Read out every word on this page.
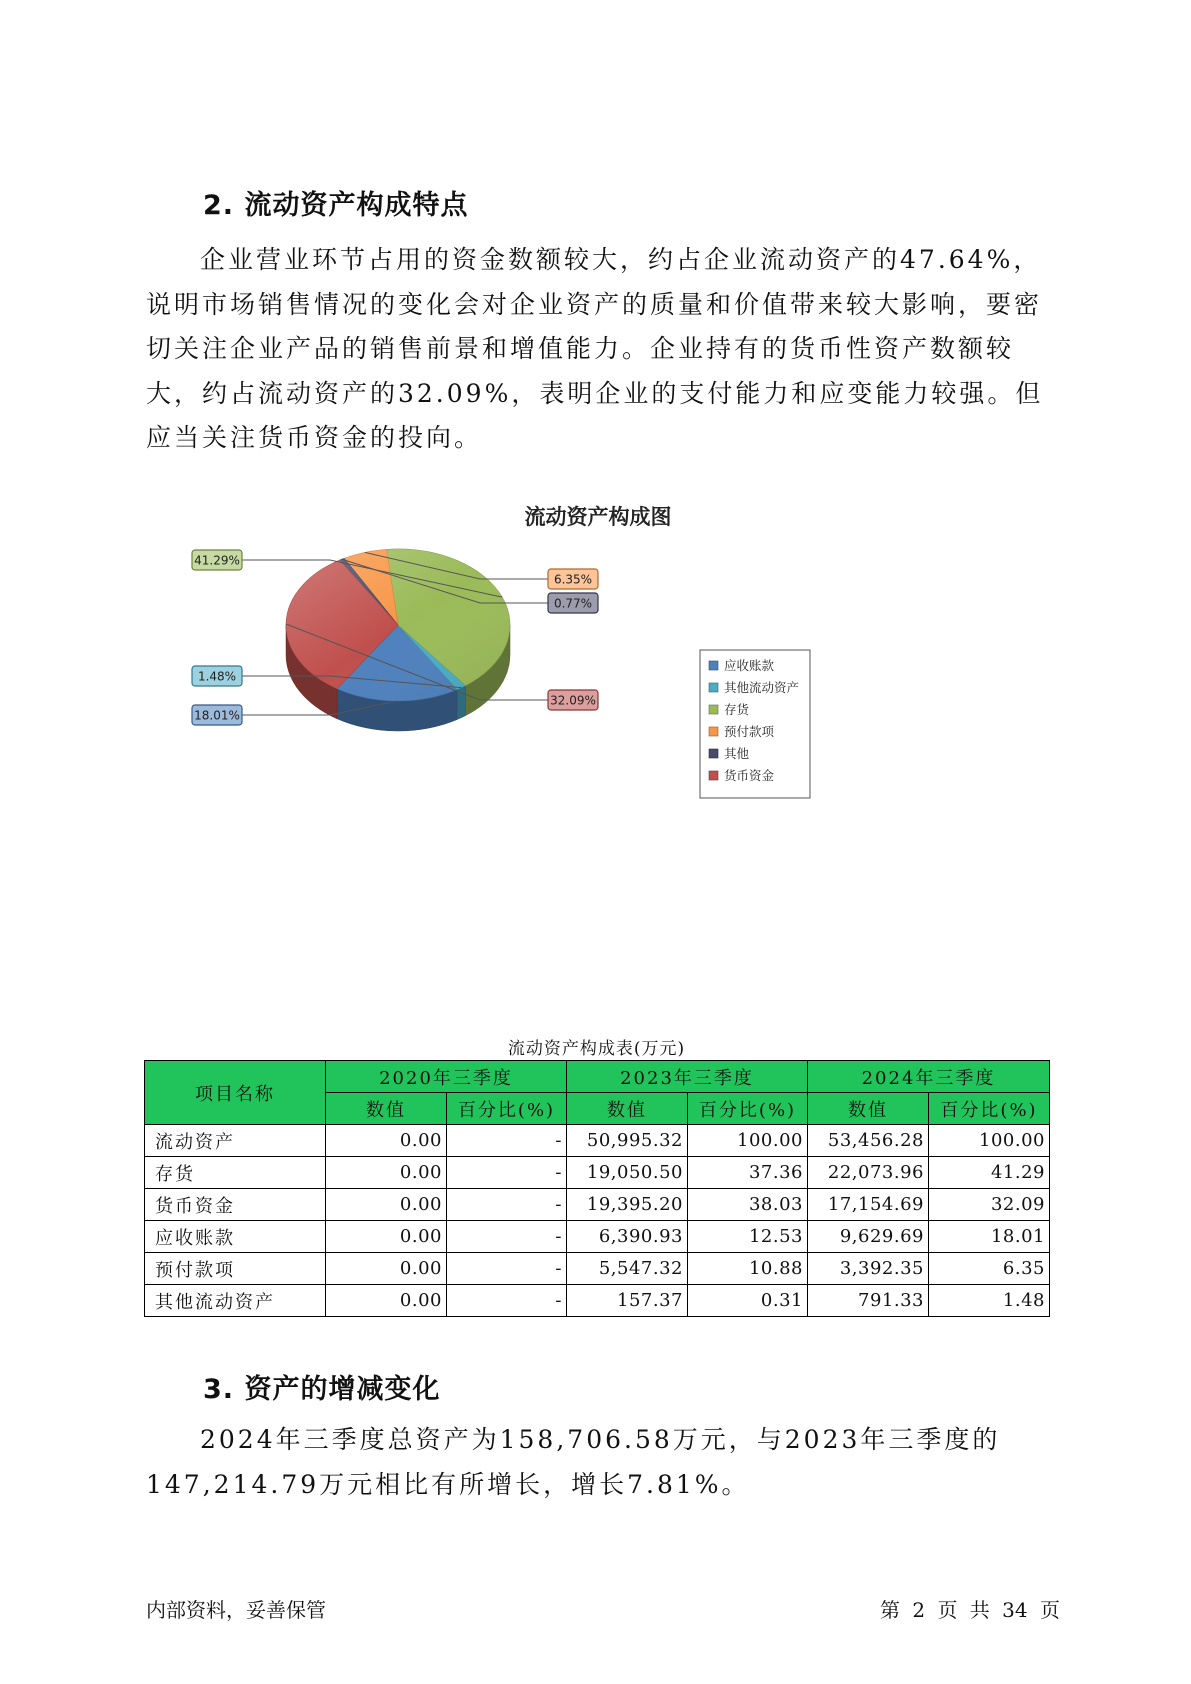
2. 流动资产构成特点

企业营业环节占用的资金数额较大，约占企业流动资产的47.64%，说明市场销售情况的变化会对企业资产的质量和价值带来较大影响，要密切关注企业产品的销售前景和增值能力。企业持有的货币性资产数额较大，约占流动资产的32.09%，表明企业的支付能力和应变能力较强。但应当关注货币资金的投向。

流动资产构成图
18.01%
1.48%
41.29%
6.35%
0.77%
32.09%
应收账款
其他流动资产
存货
预付款项
其他
货币资金
流动资产构成表(万元)
项目名称	2020年三季度		2023年三季度		2024年三季度	
	数值	百分比(%)	数值	百分比(%)	数值	百分比(%)
流动资产	0.00	-	50,995.32	100.00	53,456.28	100.00
存货	0.00	-	19,050.50	37.36	22,073.96	41.29
货币资金	0.00	-	19,395.20	38.03	17,154.69	32.09
应收账款	0.00	-	6,390.93	12.53	9,629.69	18.01
预付款项	0.00	-	5,547.32	10.88	3,392.35	6.35
其他流动资产	0.00	-	157.37	0.31	791.33	1.48
3. 资产的增减变化

2024年三季度总资产为158,706.58万元，与2023年三季度的147,214.79万元相比有所增长，增长7.81%。

内部资料，妥善保管	第 2 页 共 34 页
